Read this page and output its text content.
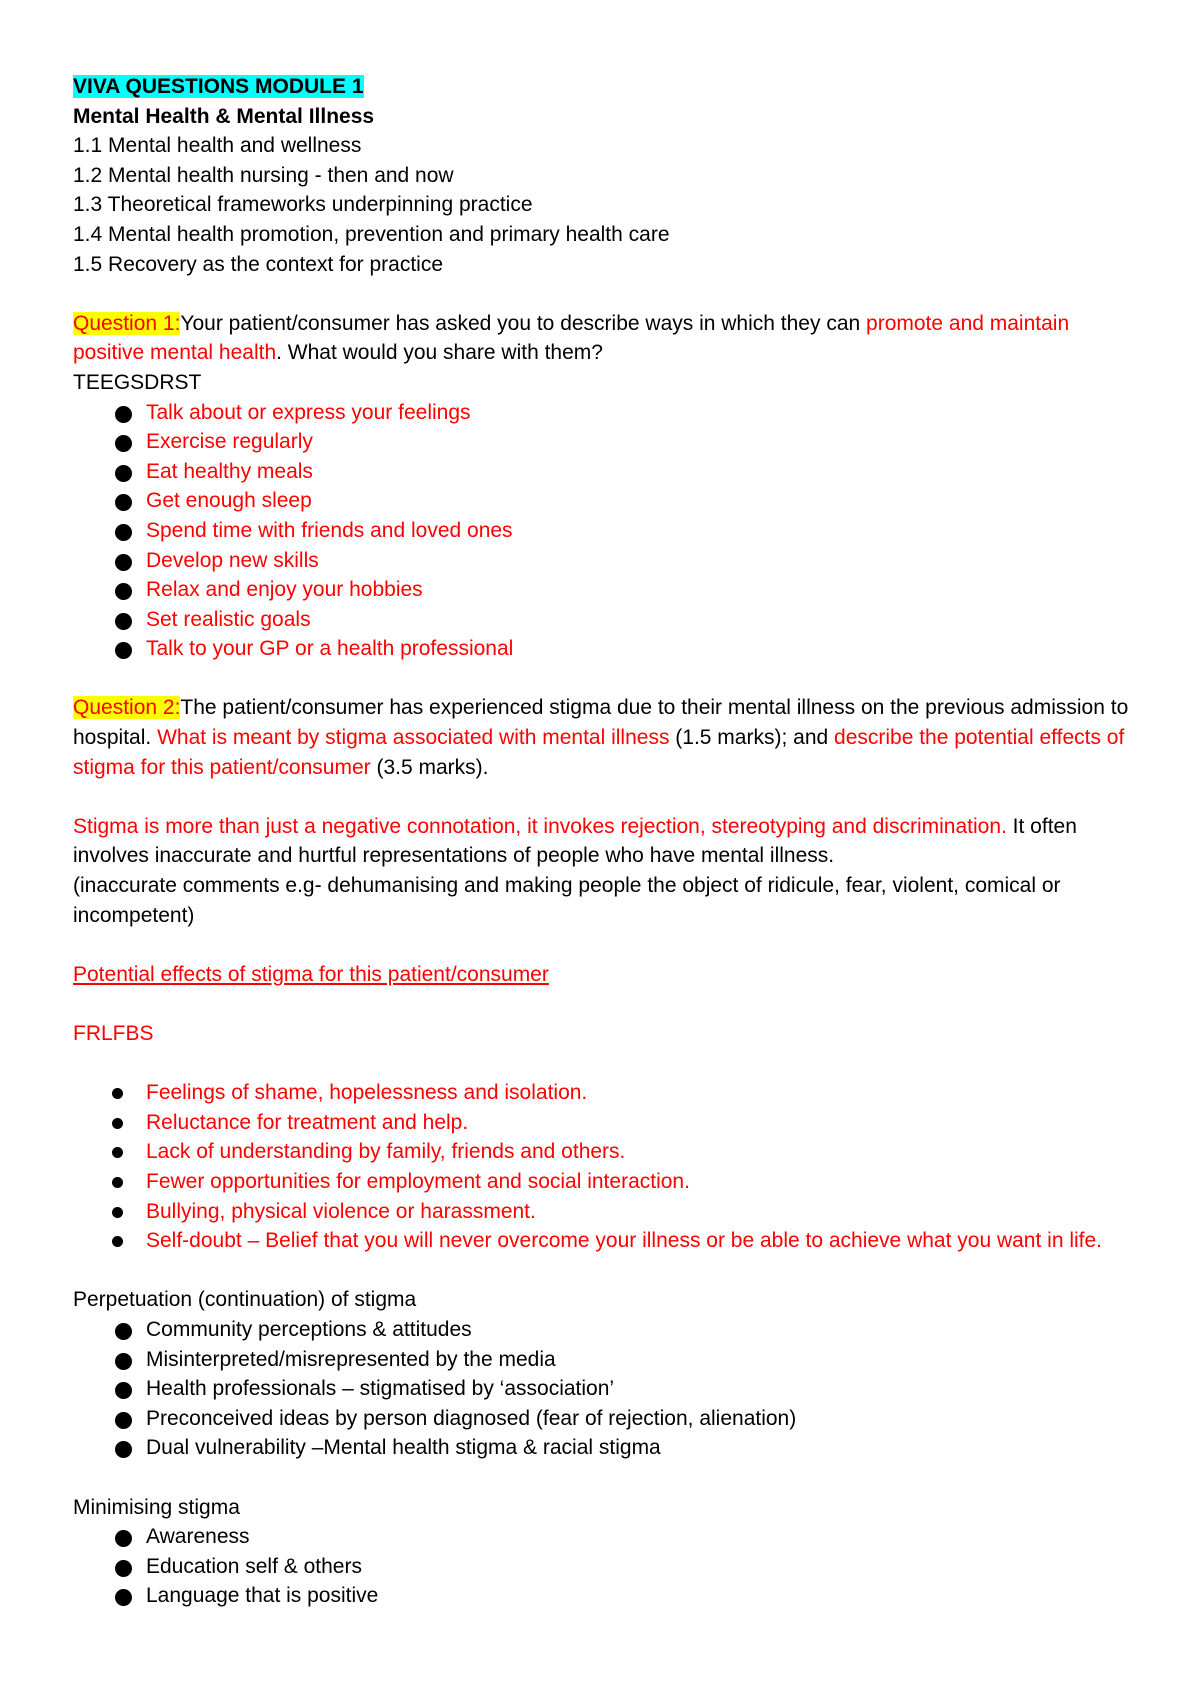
VIVA QUESTIONS MODULE 1

Mental Health & Mental Illness

1.1 Mental health and wellness

1.2 Mental health nursing - then and now

1.3 Theoretical frameworks underpinning practice

1.4 Mental health promotion, prevention and primary health care

1.5 Recovery as the context for practice

Question 1:Your patient/consumer has asked you to describe ways in which they can promote and maintain positive mental health. What would you share with them?

TEEGSDRST

Talk about or express your feelings
Exercise regularly
Eat healthy meals
Get enough sleep
Spend time with friends and loved ones
Develop new skills
Relax and enjoy your hobbies
Set realistic goals
Talk to your GP or a health professional

Question 2:The patient/consumer has experienced stigma due to their mental illness on the previous admission to hospital. What is meant by stigma associated with mental illness (1.5 marks); and describe the potential effects of stigma for this patient/consumer (3.5 marks).

Stigma is more than just a negative connotation, it invokes rejection, stereotyping and discrimination. It often involves inaccurate and hurtful representations of people who have mental illness.

(inaccurate comments e.g- dehumanising and making people the object of ridicule, fear, violent, comical or incompetent)

Potential effects of stigma for this patient/consumer

FRLFBS

Feelings of shame, hopelessness and isolation.
Reluctance for treatment and help.
Lack of understanding by family, friends and others.
Fewer opportunities for employment and social interaction.
Bullying, physical violence or harassment.
Self-doubt – Belief that you will never overcome your illness or be able to achieve what you want in life.

Perpetuation (continuation) of stigma

Community perceptions & attitudes
Misinterpreted/misrepresented by the media
Health professionals – stigmatised by ‘association’
Preconceived ideas by person diagnosed (fear of rejection, alienation)
Dual vulnerability –Mental health stigma & racial stigma

Minimising stigma

Awareness
Education self & others
Language that is positive
